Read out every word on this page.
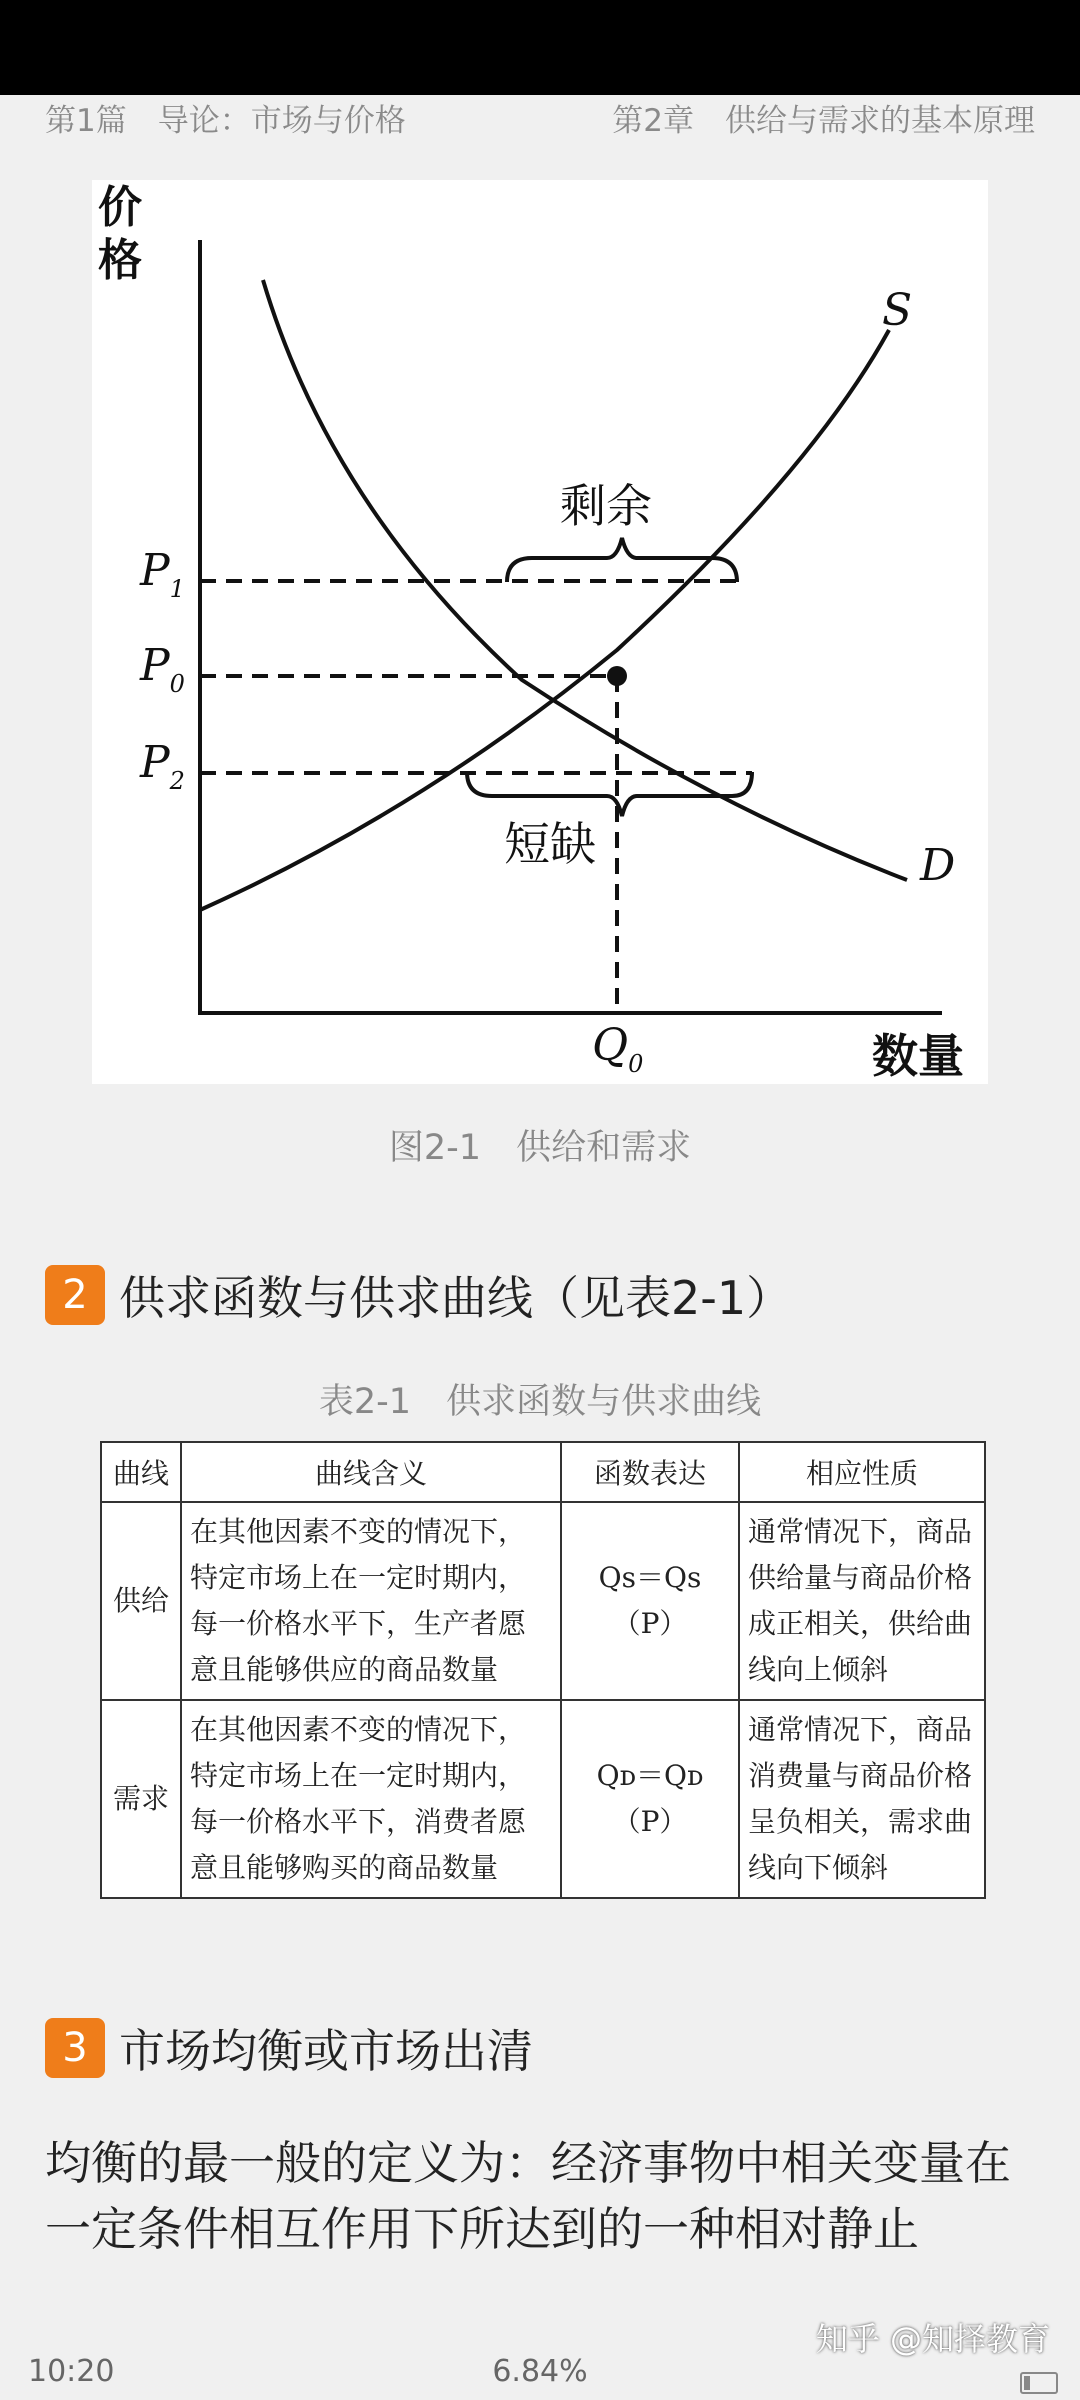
第1篇　导论：市场与价格	第2章　供给与需求的基本原理
价
格
数量
S
D
剩余
短缺
$P_1$
$P_0$
$P_2$
$Q_0$
图2-1　供给和需求
2 供求函数与供求曲线（见表2-1）
表2-1　供求函数与供求曲线
曲线	曲线含义	函数表达	相应性质
供给	在其他因素不变的情况下，特定市场上在一定时期内，每一价格水平下，生产者愿意且能够供应的商品数量	Qs＝Qs（P）	通常情况下，商品供给量与商品价格成正相关，供给曲线向上倾斜
需求	在其他因素不变的情况下，特定市场上在一定时期内，每一价格水平下，消费者愿意且能够购买的商品数量	Qᴅ＝Qᴅ（P）	通常情况下，商品消费量与商品价格呈负相关，需求曲线向下倾斜
3 市场均衡或市场出清
均衡的最一般的定义为：经济事物中相关变量在一定条件相互作用下所达到的一种相对静止
10:20	6.84%
知乎 @知择教育
